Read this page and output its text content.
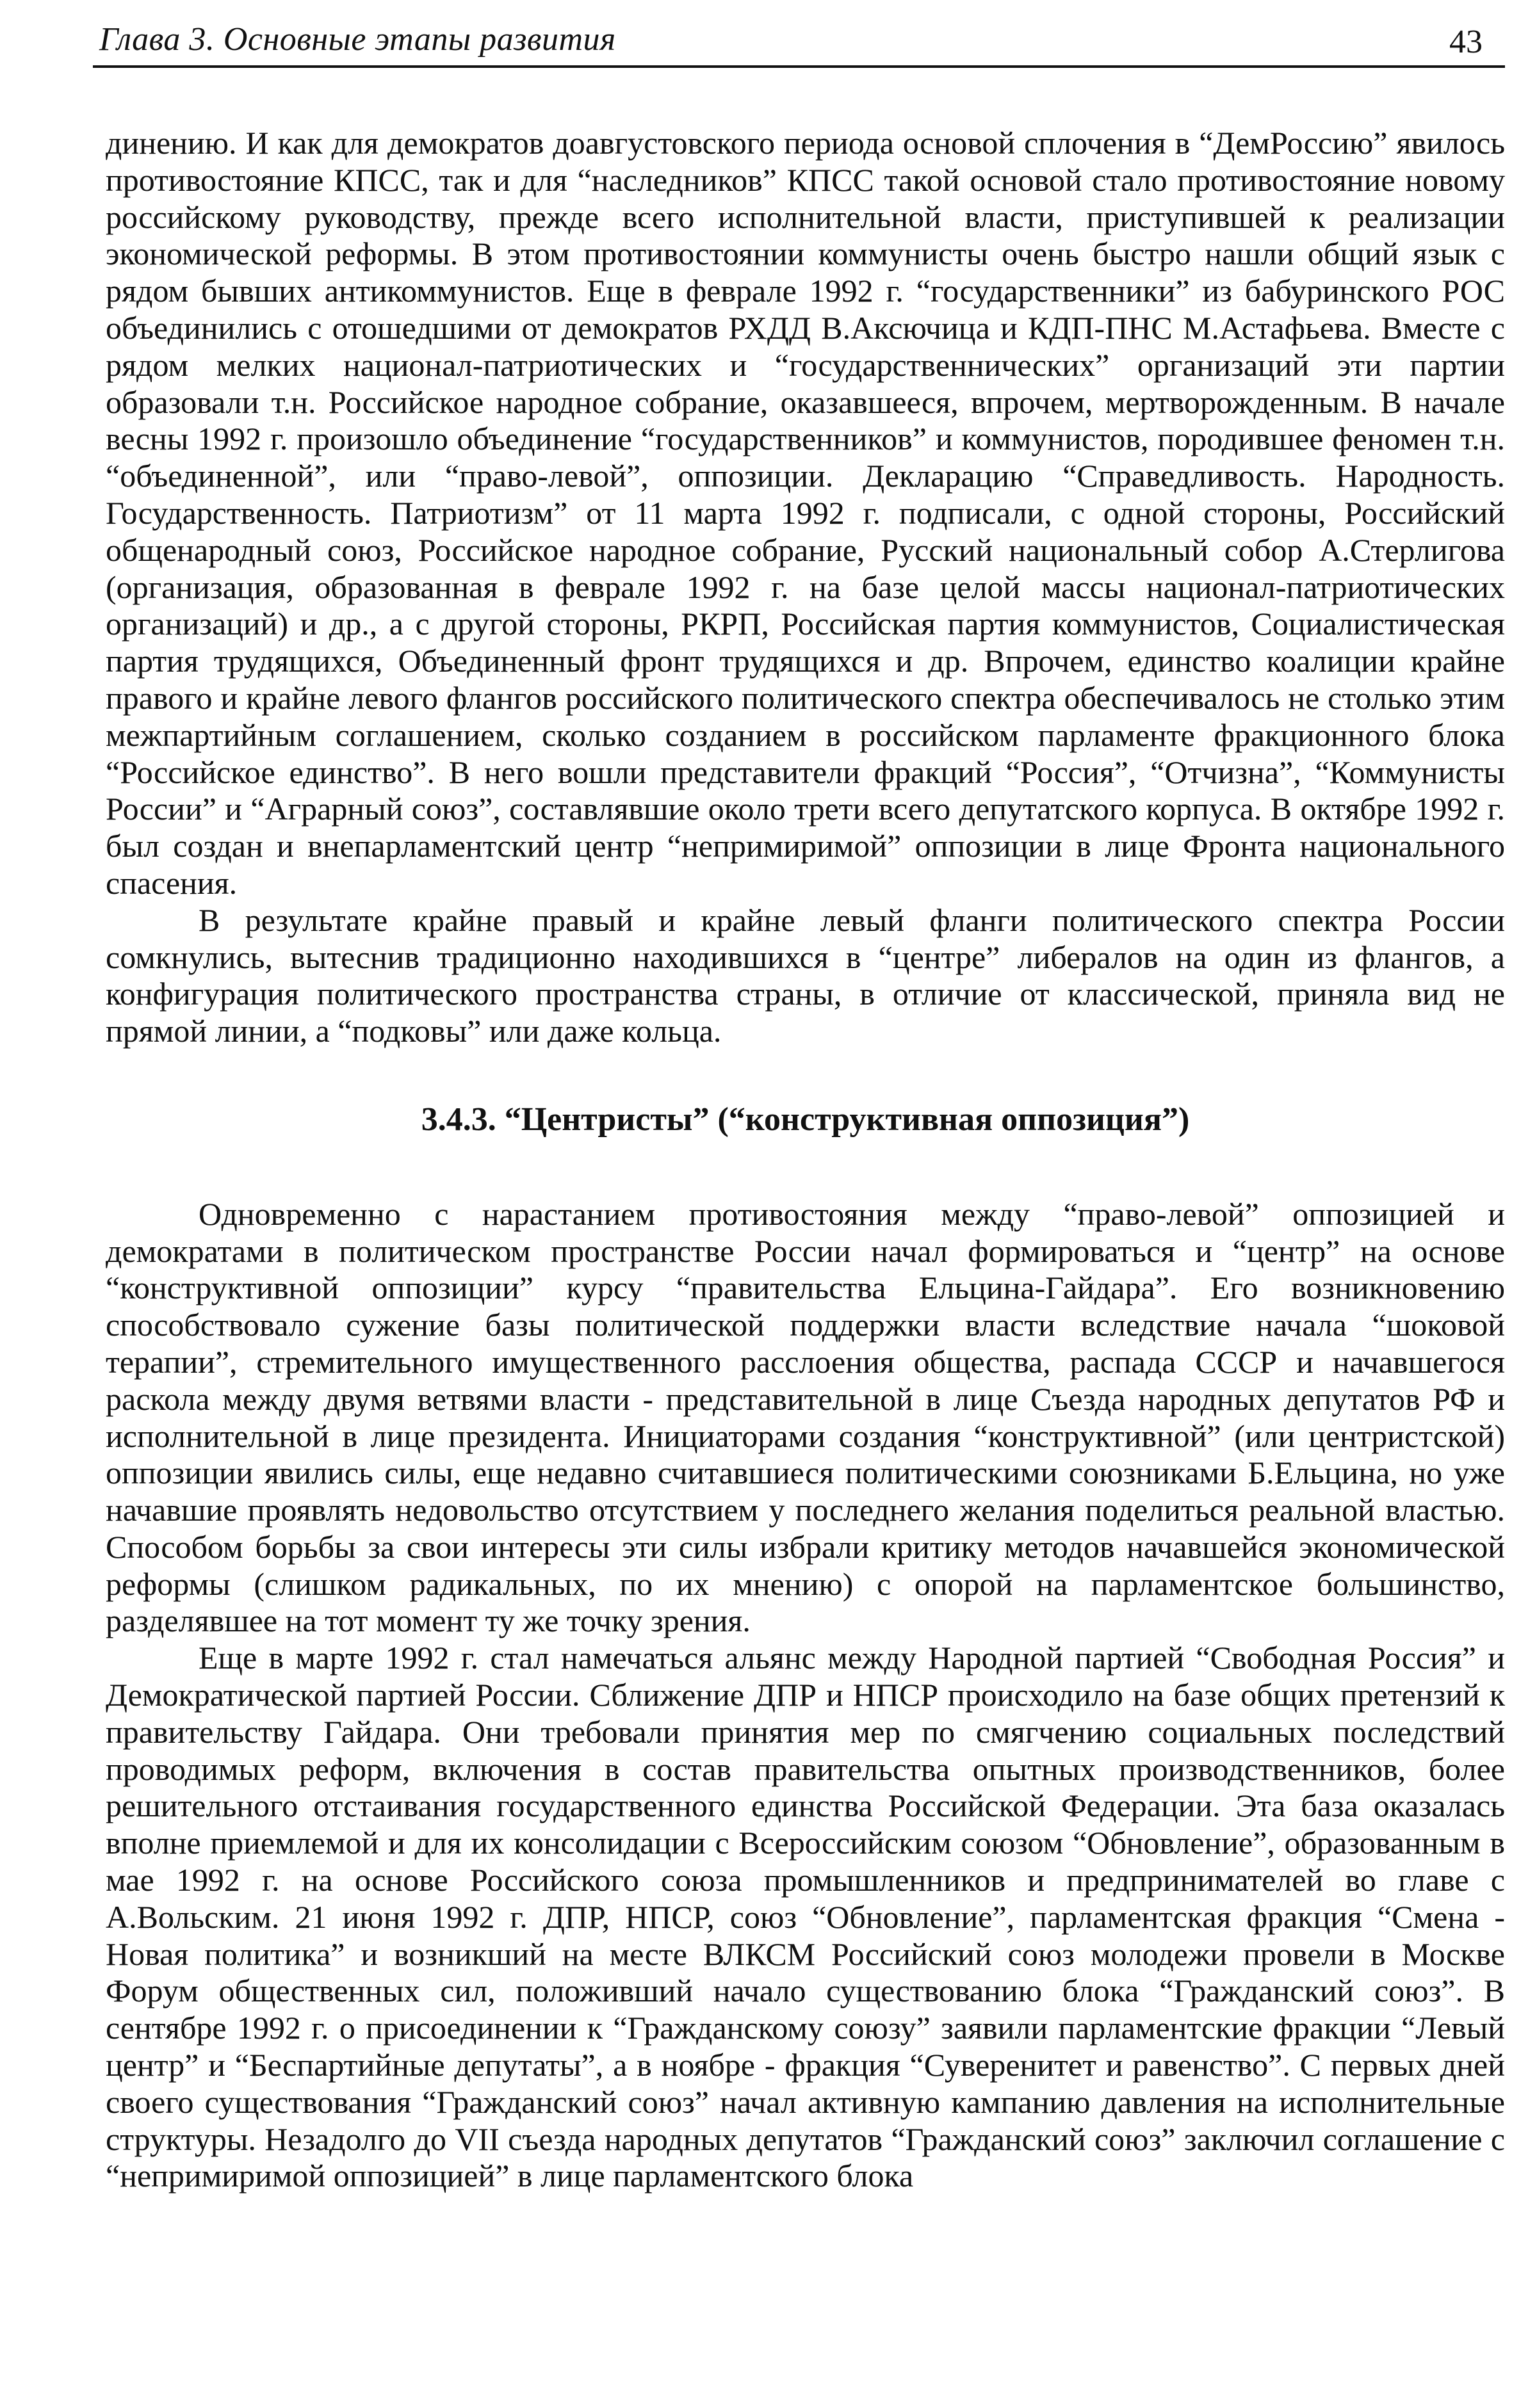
Глава 3. Основные этапы развития	43

динению. И как для демократов доавгустовского периода основой сплочения в “ДемРоссию” явилось противостояние КПСС, так и для “наследников” КПСС такой основой стало противостояние новому российскому руководству, прежде всего исполнительной власти, приступившей к реализации экономической реформы. В этом противостоянии коммунисты очень быстро нашли общий язык с рядом бывших антикоммунистов. Еще в феврале 1992 г. “государственники” из бабуринского РОС объединились с отошедшими от демократов РХДД В.Аксючица и КДП-ПНС М.Астафьева. Вместе с рядом мелких национал-патриотических и “государственнических” организаций эти партии образовали т.н. Российское народное собрание, оказавшееся, впрочем, мертворожденным. В начале весны 1992 г. произошло объединение “государственников” и коммунистов, породившее феномен т.н. “объединенной”, или “право-левой”, оппозиции. Декларацию “Справедливость. Народность. Государственность. Патриотизм” от 11 марта 1992 г. подписали, с одной стороны, Российский общенародный союз, Российское народное собрание, Русский национальный собор А.Стерлигова (организация, образованная в феврале 1992 г. на базе целой массы национал-патриотических организаций) и др., а с другой стороны, РКРП, Российская партия коммунистов, Социалистическая партия трудящихся, Объединенный фронт трудящихся и др. Впрочем, единство коалиции крайне правого и крайне левого флангов российского политического спектра обеспечивалось не столько этим межпартийным соглашением, сколько созданием в российском парламенте фракционного блока “Российское единство”. В него вошли представители фракций “Россия”, “Отчизна”, “Коммунисты России” и “Аграрный союз”, составлявшие около трети всего депутатского корпуса. В октябре 1992 г. был создан и внепарламентский центр “непримиримой” оппозиции в лице Фронта национального спасения.

В результате крайне правый и крайне левый фланги политического спектра России сомкнулись, вытеснив традиционно находившихся в “центре” либералов на один из флангов, а конфигурация политического пространства страны, в отличие от классической, приняла вид не прямой линии, а “подковы” или даже кольца.

3.4.3. “Центристы” (“конструктивная оппозиция”)

Одновременно с нарастанием противостояния между “право-левой” оппозицией и демократами в политическом пространстве России начал формироваться и “центр” на основе “конструктивной оппозиции” курсу “правительства Ельцина-Гайдара”. Его возникновению способствовало сужение базы политической поддержки власти вследствие начала “шоковой терапии”, стремительного имущественного расслоения общества, распада СССР и начавшегося раскола между двумя ветвями власти - представительной в лице Съезда народных депутатов РФ и исполнительной в лице президента. Инициаторами создания “конструктивной” (или центристской) оппозиции явились силы, еще недавно считавшиеся политическими союзниками Б.Ельцина, но уже начавшие проявлять недовольство отсутствием у последнего желания поделиться реальной властью. Способом борьбы за свои интересы эти силы избрали критику методов начавшейся экономической реформы (слишком радикальных, по их мнению) с опорой на парламентское большинство, разделявшее на тот момент ту же точку зрения.

Еще в марте 1992 г. стал намечаться альянс между Народной партией “Свободная Россия” и Демократической партией России. Сближение ДПР и НПСР происходило на базе общих претензий к правительству Гайдара. Они требовали принятия мер по смягчению социальных последствий проводимых реформ, включения в состав правительства опытных производственников, более решительного отстаивания государственного единства Российской Федерации. Эта база оказалась вполне приемлемой и для их консолидации с Всероссийским союзом “Обновление”, образованным в мае 1992 г. на основе Российского союза промышленников и предпринимателей во главе с А.Вольским. 21 июня 1992 г. ДПР, НПСР, союз “Обновление”, парламентская фракция “Смена - Новая политика” и возникший на месте ВЛКСМ Российский союз молодежи провели в Москве Форум общественных сил, положивший начало существованию блока “Гражданский союз”. В сентябре 1992 г. о присоединении к “Гражданскому союзу” заявили парламентские фракции “Левый центр” и “Беспартийные депутаты”, а в ноябре - фракция “Суверенитет и равенство”. С первых дней своего существования “Гражданский союз” начал активную кампанию давления на исполнительные структуры. Незадолго до VII съезда народных депутатов “Гражданский союз” заключил соглашение с “непримиримой оппозицией” в лице парламентского блока
